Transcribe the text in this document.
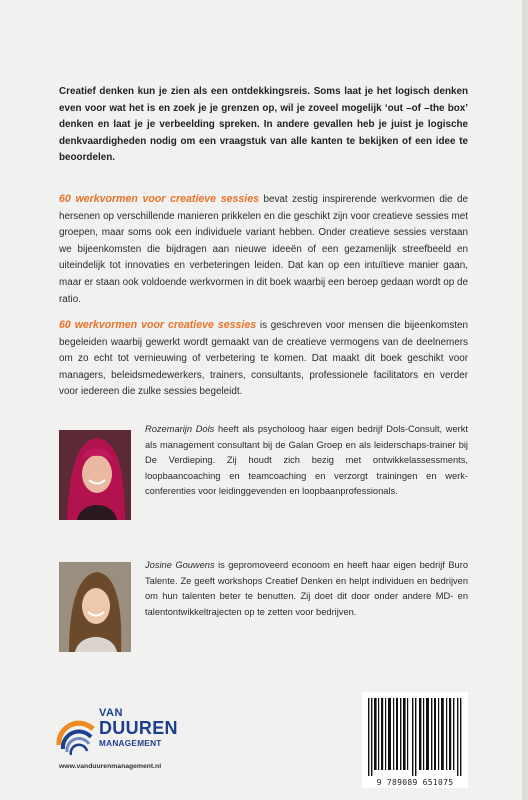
Creatief denken kun je zien als een ontdekkingsreis. Soms laat je het logisch denken even voor wat het is en zoek je je grenzen op, wil je zoveel mogelijk ‘out –of –the box’ denken en laat je je verbeelding spreken. In andere gevallen heb je juist je logische denkvaardigheden nodig om een vraagstuk van alle kanten te bekijken of een idee te beoordelen.

60 werkvormen voor creatieve sessies bevat zestig inspirerende werkvormen die de hersenen op verschillende manieren prikkelen en die geschikt zijn voor creatieve sessies met groepen, maar soms ook een individuele variant hebben. Onder creatieve sessies verstaan we bijeenkomsten die bijdragen aan nieuwe ideeën of een gezamenlijk streefbeeld en uiteindelijk tot innovaties en verbeteringen leiden. Dat kan op een intuïtieve manier gaan, maar er staan ook voldoende werkvormen in dit boek waarbij een beroep gedaan wordt op de ratio.

60 werkvormen voor creatieve sessies is geschreven voor mensen die bijeenkomsten begeleiden waarbij gewerkt wordt gemaakt van de creatieve vermogens van de deelnemers om zo echt tot vernieuwing of verbetering te komen. Dat maakt dit boek geschikt voor managers, beleidsmedewerkers, trainers, consultants, professionele facilitators en verder voor iedereen die zulke sessies begeleidt.

Rozemarijn Dols heeft als psycholoog haar eigen bedrijf Dols-Consult, werkt als management consultant bij de Galan Groep en als leiderschaps-trainer bij De Verdieping. Zij houdt zich bezig met ontwikkelassessments, loopbaancoaching en teamcoaching en verzorgt trainingen en werk-conferenties voor leidinggevenden en loopbaanprofessionals.

Josine Gouwens is gepromoveerd econoom en heeft haar eigen bedrijf Buro Talente. Ze geeft workshops Creatief Denken en helpt individuen en bedrijven om hun talenten beter te benutten. Zij doet dit door onder andere MD- en talentontwikkeltrajecten op te zetten voor bedrijven.

VAN
DUUREN
MANAGEMENT
www.vanduurenmanagement.nl
9 789089 651075
